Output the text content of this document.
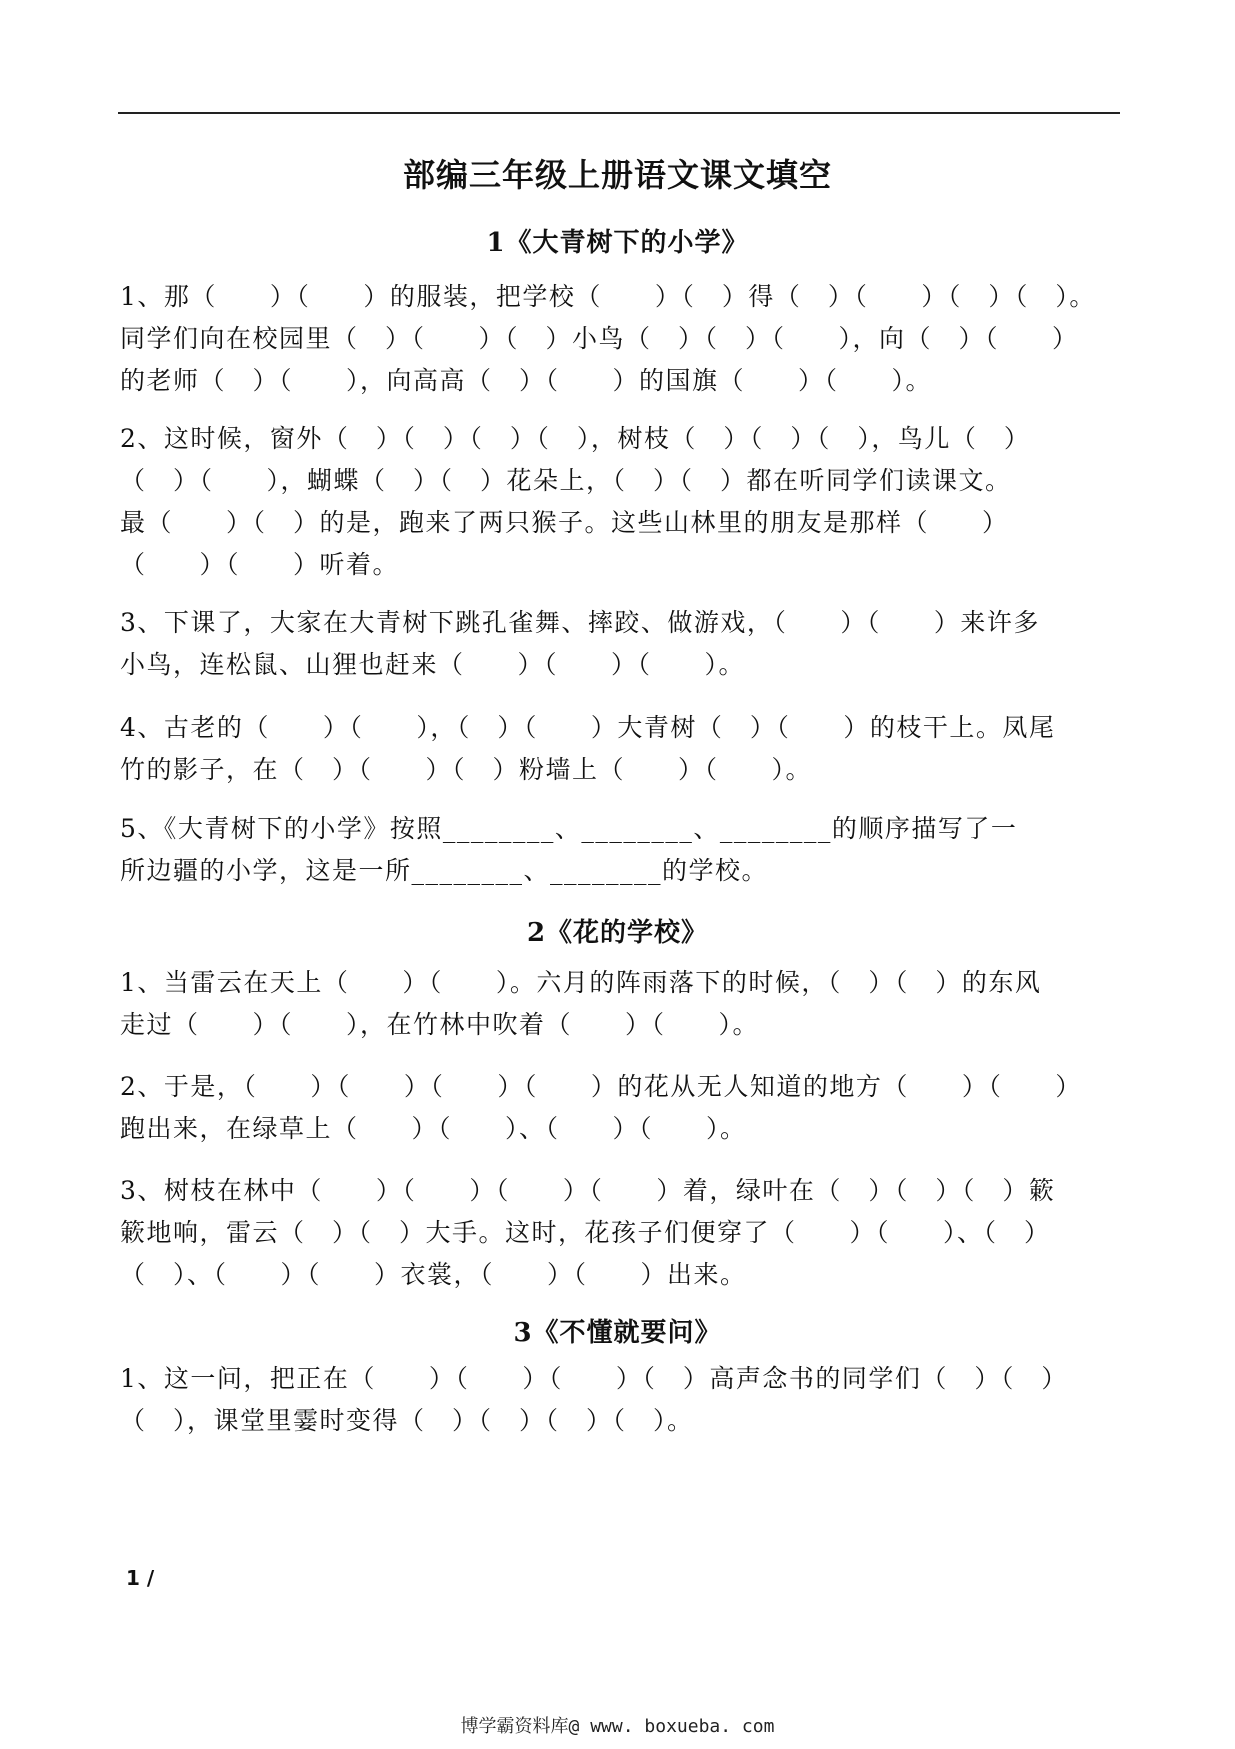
部编三年级上册语文课文填空
1《大青树下的小学》

1、那（　　）（　　）的服装，把学校（　　）（　）得（　）（　　）（　）（　）。
同学们向在校园里（　）（　　）（　）小鸟（　）（　）（　　），向（　）（　　）
的老师（　）（　　），向高高（　）（　　）的国旗（　　）（　　）。

2、这时候，窗外（　）（　）（　）（　），树枝（　）（　）（　），鸟儿（　）
（　）（　　），蝴蝶（　）（　）花朵上，（　）（　）都在听同学们读课文。
最（　　）（　）的是，跑来了两只猴子。这些山林里的朋友是那样（　　）
（　　）（　　）听着。

3、下课了，大家在大青树下跳孔雀舞、摔跤、做游戏，（　　）（　　）来许多
小鸟，连松鼠、山狸也赶来（　　）（　　）（　　）。

4、古老的（　　）（　　），（　）（　　）大青树（　）（　　）的枝干上。凤尾
竹的影子，在（　）（　　）（　）粉墙上（　　）（　　）。

5、《大青树下的小学》按照________、________、________的顺序描写了一
所边疆的小学，这是一所________、________的学校。

2《花的学校》

1、当雷云在天上（　　）（　　）。六月的阵雨落下的时候，（　）（　）的东风
走过（　　）（　　），在竹林中吹着（　　）（　　）。

2、于是，（　　）（　　）（　　）（　　）的花从无人知道的地方（　　）（　　）
跑出来，在绿草上（　　）（　　）、（　　）（　　）。

3、树枝在林中（　　）（　　）（　　）（　　）着，绿叶在（　）（　）（　）簌
簌地响，雷云（　）（　）大手。这时，花孩子们便穿了（　　）（　　）、（　）
（　）、（　　）（　　）衣裳，（　　）（　　）出来。

3《不懂就要问》

1、这一问，把正在（　　）（　　）（　　）（　）高声念书的同学们（　）（　）
（　），课堂里霎时变得（　）（　）（　）（　）。

1 /
博学霸资料库@ www. boxueba. com
